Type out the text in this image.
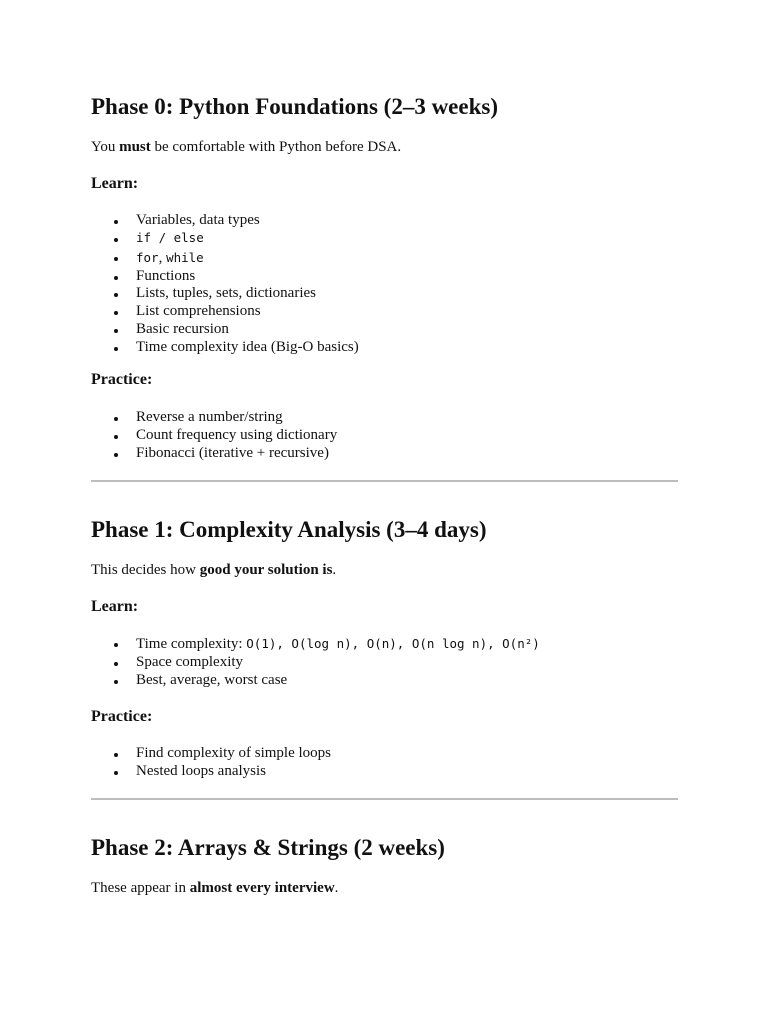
Phase 0: Python Foundations (2–3 weeks)

You must be comfortable with Python before DSA.

Learn:
Variables, data types
if / else
for, while
Functions
Lists, tuples, sets, dictionaries
List comprehensions
Basic recursion
Time complexity idea (Big-O basics)
Practice:
Reverse a number/string
Count frequency using dictionary
Fibonacci (iterative + recursive)
Phase 1: Complexity Analysis (3–4 days)

This decides how good your solution is.

Learn:
Time complexity: O(1), O(log n), O(n), O(n log n), O(n²)
Space complexity
Best, average, worst case
Practice:
Find complexity of simple loops
Nested loops analysis
Phase 2: Arrays & Strings (2 weeks)

These appear in almost every interview.
